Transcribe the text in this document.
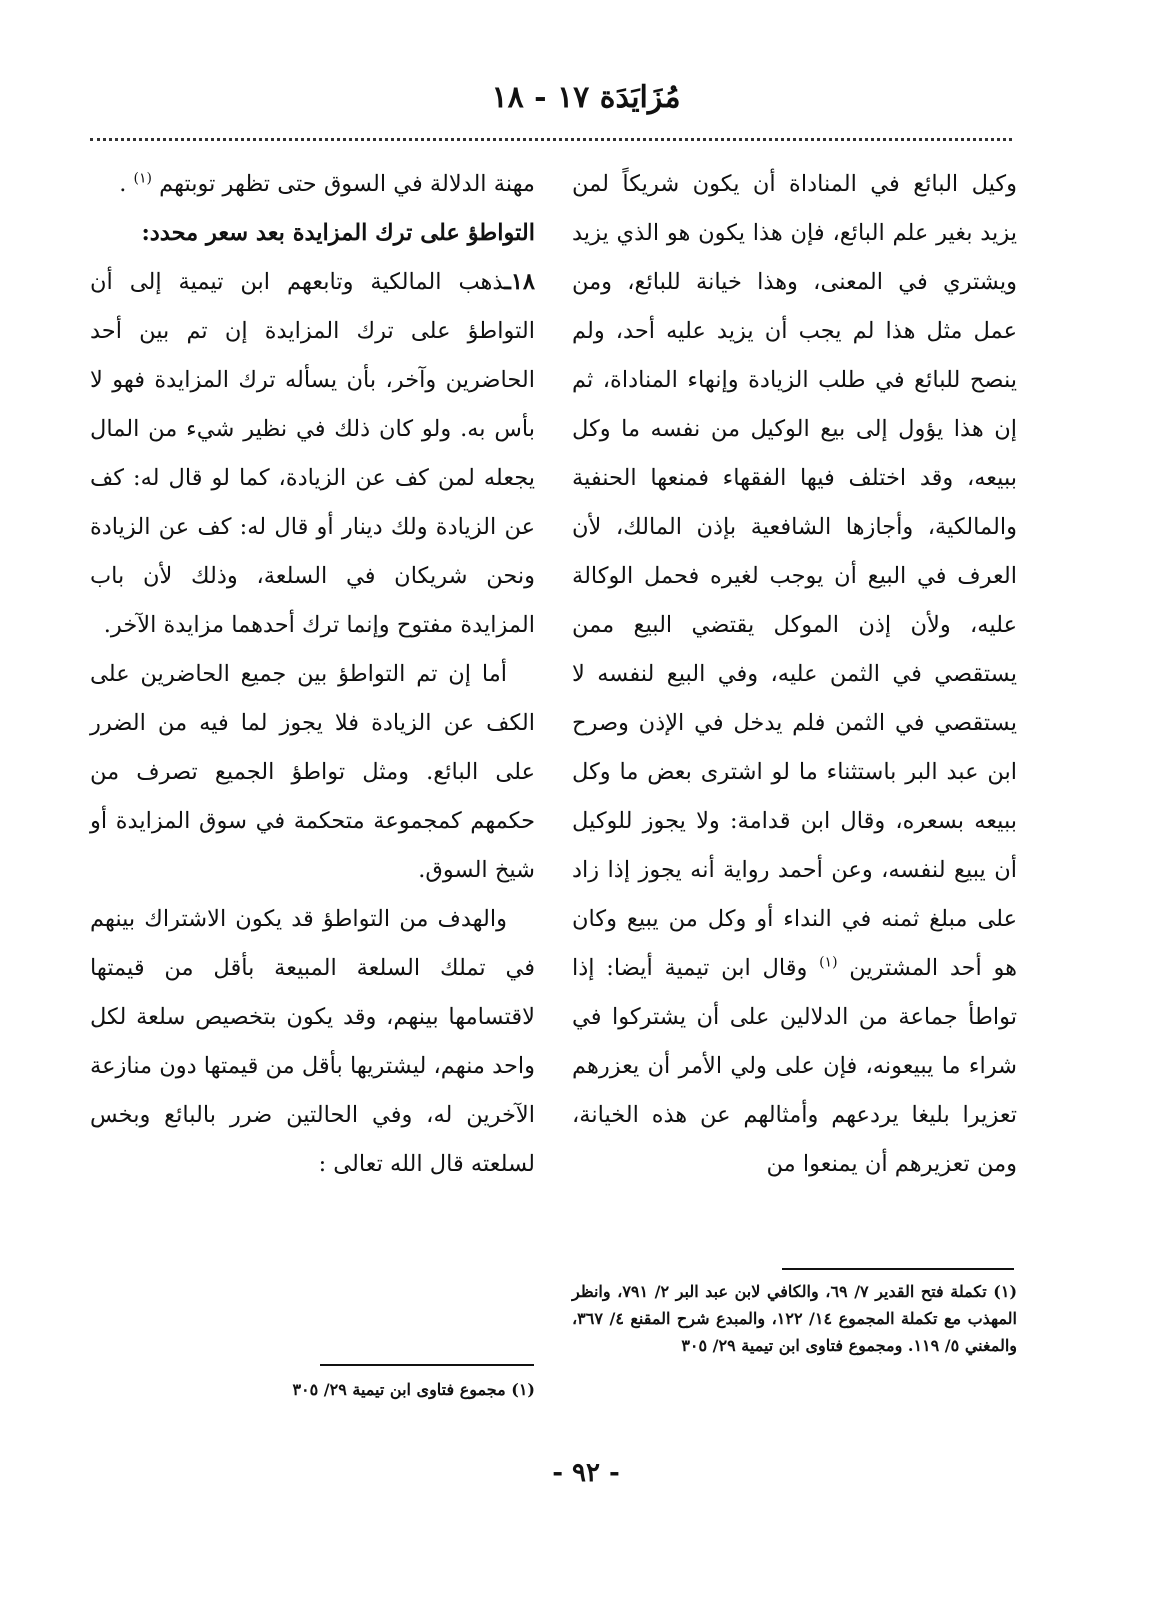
مُزَايَدَة ١٧ - ١٨

وكيل البائع في المناداة أن يكون شريكاً لمن يزيد بغير علم البائع، فإن هذا يكون هو الذي يزيد ويشتري في المعنى، وهذا خيانة للبائع، ومن عمل مثل هذا لم يجب أن يزيد عليه أحد، ولم ينصح للبائع في طلب الزيادة وإنهاء المناداة، ثم إن هذا يؤول إلى بيع الوكيل من نفسه ما وكل ببيعه، وقد اختلف فيها الفقهاء فمنعها الحنفية والمالكية، وأجازها الشافعية بإذن المالك، لأن العرف في البيع أن يوجب لغيره فحمل الوكالة عليه، ولأن إذن الموكل يقتضي البيع ممن يستقصي في الثمن عليه، وفي البيع لنفسه لا يستقصي في الثمن فلم يدخل في الإذن وصرح ابن عبد البر باستثناء ما لو اشترى بعض ما وكل ببيعه بسعره، وقال ابن قدامة: ولا يجوز للوكيل أن يبيع لنفسه، وعن أحمد رواية أنه يجوز إذا زاد على مبلغ ثمنه في النداء أو وكل من يبيع وكان هو أحد المشترين $^{(١)}$ وقال ابن تيمية أيضا: إذا تواطأ جماعة من الدلالين على أن يشتركوا في شراء ما يبيعونه، فإن على ولي الأمر أن يعزرهم تعزيرا بليغا يردعهم وأمثالهم عن هذه الخيانة، ومن تعزيرهم أن يمنعوا من

مهنة الدلالة في السوق حتى تظهر توبتهم $^{(١)}$ .

التواطؤ على ترك المزايدة بعد سعر محدد:

١٨ـذهب المالكية وتابعهم ابن تيمية إلى أن التواطؤ على ترك المزايدة إن تم بين أحد الحاضرين وآخر، بأن يسأله ترك المزايدة فهو لا بأس به. ولو كان ذلك في نظير شيء من المال يجعله لمن كف عن الزيادة، كما لو قال له: كف عن الزيادة ولك دينار أو قال له: كف عن الزيادة ونحن شريكان في السلعة، وذلك لأن باب المزايدة مفتوح وإنما ترك أحدهما مزايدة الآخر.

أما إن تم التواطؤ بين جميع الحاضرين على الكف عن الزيادة فلا يجوز لما فيه من الضرر على البائع. ومثل تواطؤ الجميع تصرف من حكمهم كمجموعة متحكمة في سوق المزايدة أو شيخ السوق.

والهدف من التواطؤ قد يكون الاشتراك بينهم في تملك السلعة المبيعة بأقل من قيمتها لاقتسامها بينهم، وقد يكون بتخصيص سلعة لكل واحد منهم، ليشتريها بأقل من قيمتها دون منازعة الآخرين له، وفي الحالتين ضرر بالبائع وبخس لسلعته قال الله تعالى :

(١) تكملة فتح القدير ٧/ ٦٩، والكافي لابن عبد البر ٢/ ٧٩١، وانظر المهذب مع تكملة المجموع ١٤/ ١٢٢، والمبدع شرح المقنع ٤/ ٣٦٧، والمغني ٥/ ١١٩. ومجموع فتاوى ابن تيمية ٢٩/ ٣٠٥
(١) مجموع فتاوى ابن تيمية ٢٩/ ٣٠٥
- ٩٢ -
